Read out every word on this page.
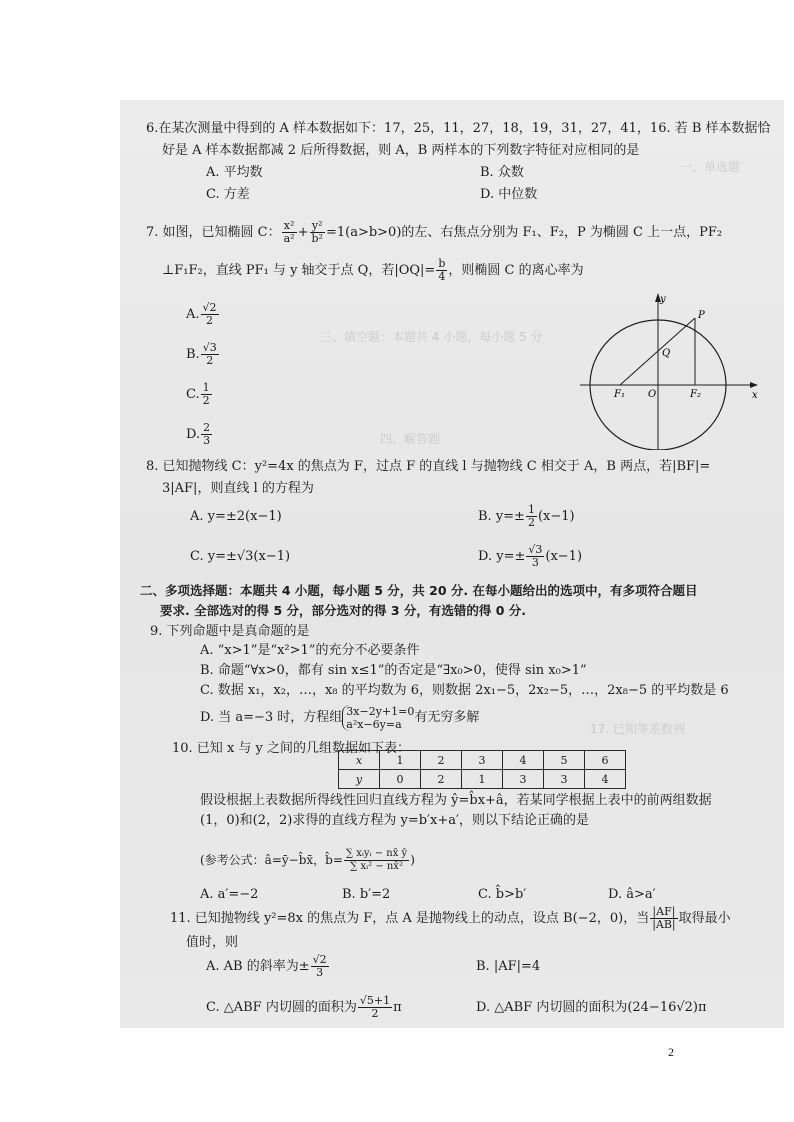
一、单选题
三、填空题：本题共 4 小题，每小题 5 分
四、解答题
17. 已知等差数列
6.在某次测量中得到的 A 样本数据如下：17，25，11，27，18，19，31，27，41，16. 若 B 样本数据恰
好是 A 样本数据都减 2 后所得数据，则 A，B 两样本的下列数字特征对应相同的是
A. 平均数	B. 众数
C. 方差	D. 中位数
7. 如图，已知椭圆 C： $\frac{\text{x²}}{\text{a²}} + \frac{\text{y²}}{\text{b²}} =1(a>b>0)$的左、右焦点分别为 F₁、F₂，P 为椭圆 C 上一点，PF₂
⊥F₁F₂，直线 PF₁ 与 y 轴交于点 Q，若$|OQ|= \frac{b}{4}$ ，则椭圆 C 的离心率为
A. $\frac{√2}{2}$
B. $\frac{√3}{2}$
C. $\frac{1}{2}$
D. $\frac{2}{3}$
y
x
P
Q
F₁ O	F₂
8. 已知抛物线 C：y²=4x 的焦点为 F，过点 F 的直线 l 与抛物线 C 相交于 A，B 两点，若|BF|=
3|AF|，则直线 l 的方程为
A. y=±2(x−1)	B. $y=\pm \frac{1}{2} (x-1)$
C. y=±√3(x−1)	D. $y=\pm \frac{√3}{3} (x-1)$
二、多项选择题：本题共 4 小题，每小题 5 分，共 20 分. 在每小题给出的选项中，有多项符合题目
要求. 全部选对的得 5 分，部分选对的得 3 分，有选错的得 0 分.
9. 下列命题中是真命题的是
A. “x>1”是“x²>1”的充分不必要条件
B. 命题“∀x>0，都有 sin x≤1”的否定是“∃x₀>0，使得 sin x₀>1”
C. 数据 x₁，x₂，…，x₈ 的平均数为 6，则数据 2x₁−5，2x₂−5，…，2x₈−5 的平均数是 6
D. 当 a=−3 时，方程组 3x−2y+1=0
a²x−6y=a 有无穷多解
10. 已知 x 与 y 之间的几组数据如下表：
x	1	2	3	4	5	6
y	0	2	1	3	3	4
假设根据上表数据所得线性回归直线方程为 ŷ=b̂x+â，若某同学根据上表中的前两组数据
(1，0)和(2，2)求得的直线方程为 y=b′x+a′，则以下结论正确的是
(参考公式：â=ȳ−b̂x̄，b̂= $\frac{\text{∑ xᵢyᵢ − nx̄ ȳ}}{\text{∑ xᵢ² − nx̄²}}$ )
A. a′=−2	B. b′=2	C. b̂>b′	D. â>a′
11. 已知抛物线 y²=8x 的焦点为 F，点 A 是抛物线上的动点，设点 B(−2，0)，当 $\frac{|AF|}{|AB|}$ 取得最小
值时，则
A. AB 的斜率为± $\frac{√2}{3}$	B. |AF|=4
C. △ABF 内切圆的面积为 $\frac{√5+1}{2}$ π	D. △ABF 内切圆的面积为(24−16√2)π
2
